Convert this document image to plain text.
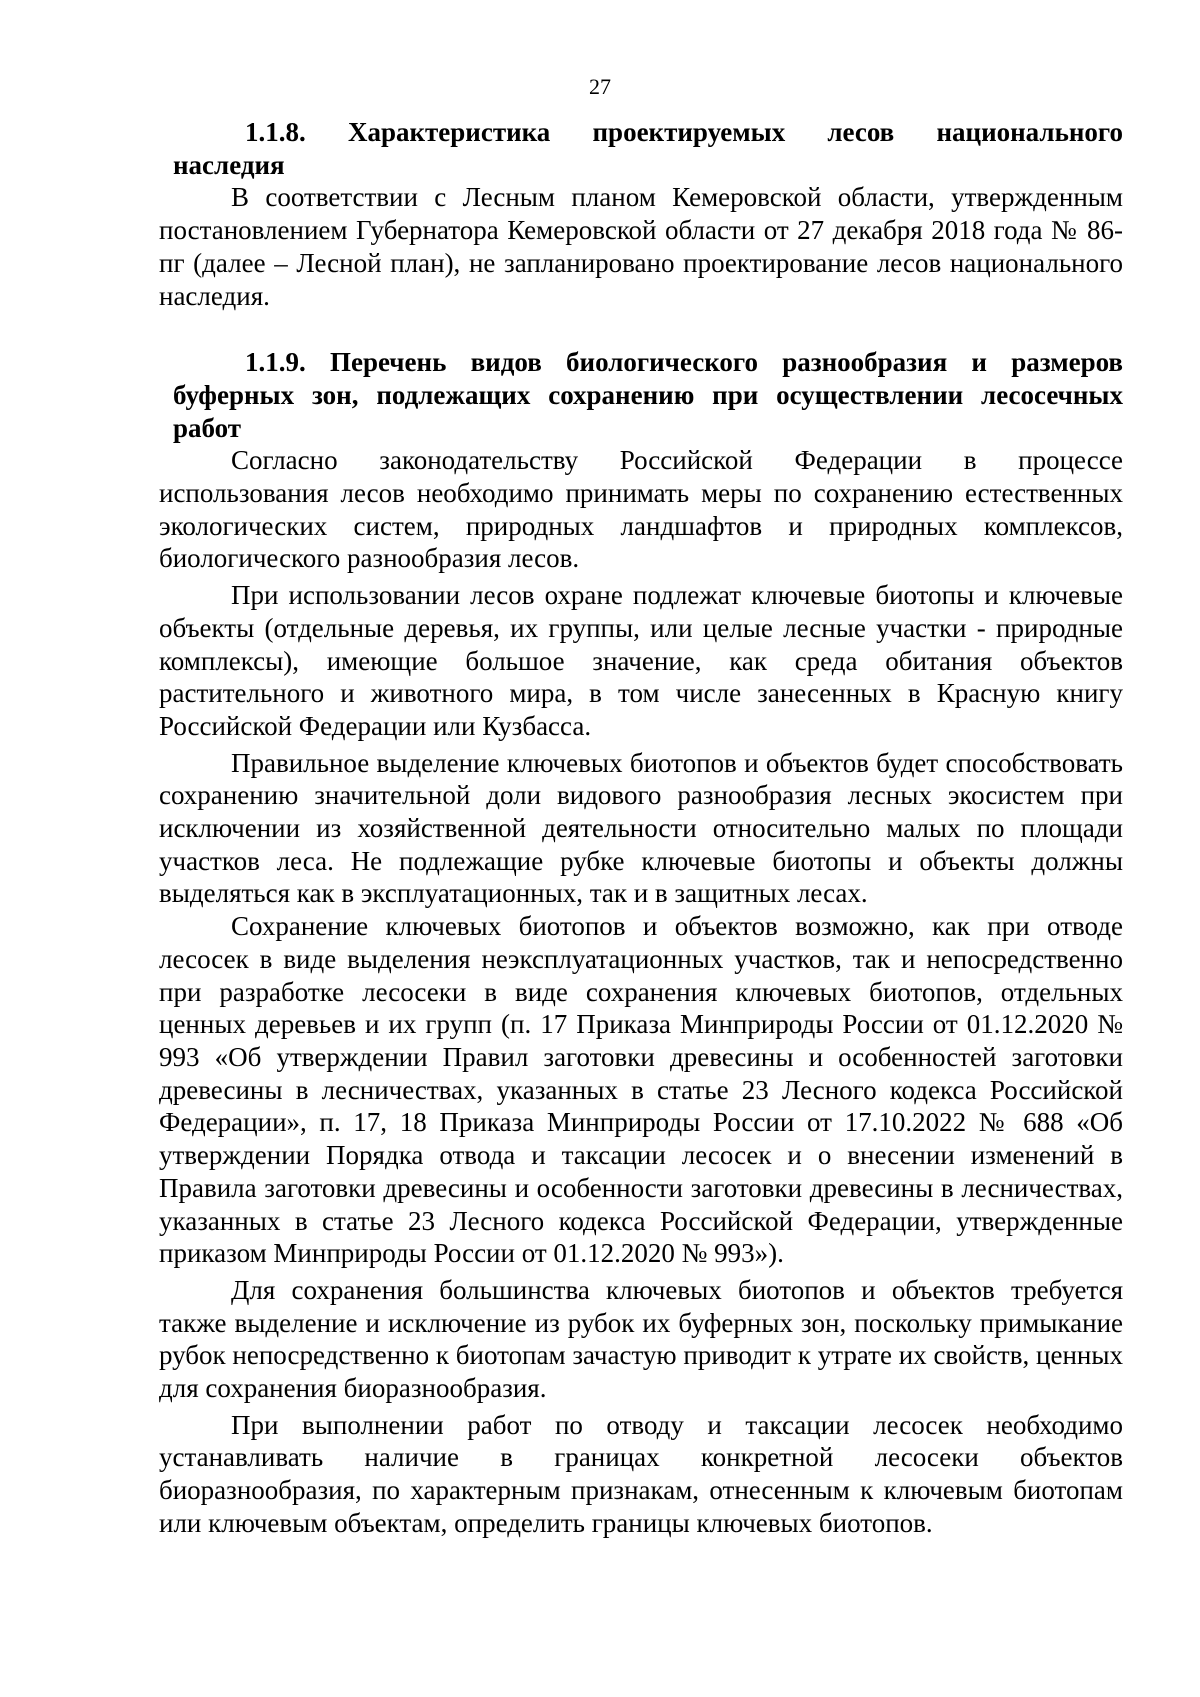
27
1.1.8. Характеристика проектируемых лесов национального
наследия

В соответствии с Лесным планом Кемеровской области, утвержденным постановлением Губернатора Кемеровской области от 27 декабря 2018 года № 86-пг (далее – Лесной план), не запланировано проектирование лесов национального наследия.

1.1.9. Перечень видов биологического разнообразия и размеров
буферных зон, подлежащих сохранению при осуществлении лесосечных
работ

Согласно законодательству Российской Федерации в процессе использования лесов необходимо принимать меры по сохранению естественных экологических систем, природных ландшафтов и природных комплексов, биологического разнообразия лесов.

При использовании лесов охране подлежат ключевые биотопы и ключевые объекты (отдельные деревья, их группы, или целые лесные участки - природные комплексы), имеющие большое значение, как среда обитания объектов растительного и животного мира, в том числе занесенных в Красную книгу Российской Федерации или Кузбасса.

Правильное выделение ключевых биотопов и объектов будет способствовать сохранению значительной доли видового разнообразия лесных экосистем при исключении из хозяйственной деятельности относительно малых по площади участков леса. Не подлежащие рубке ключевые биотопы и объекты должны выделяться как в эксплуатационных, так и в защитных лесах.

Сохранение ключевых биотопов и объектов возможно, как при отводе лесосек в виде выделения неэксплуатационных участков, так и непосредственно при разработке лесосеки в виде сохранения ключевых биотопов, отдельных ценных деревьев и их групп (п. 17 Приказа Минприроды России от 01.12.2020 № 993 «Об утверждении Правил заготовки древесины и особенностей заготовки древесины в лесничествах, указанных в статье 23 Лесного кодекса Российской Федерации», п. 17, 18 Приказа Минприроды России от 17.10.2022 № 688 «Об утверждении Порядка отвода и таксации лесосек и о внесении изменений в Правила заготовки древесины и особенности заготовки древесины в лесничествах, указанных в статье 23 Лесного кодекса Российской Федерации, утвержденные приказом Минприроды России от 01.12.2020 № 993»).

Для сохранения большинства ключевых биотопов и объектов требуется также выделение и исключение из рубок их буферных зон, поскольку примыкание рубок непосредственно к биотопам зачастую приводит к утрате их свойств, ценных для сохранения биоразнообразия.

При выполнении работ по отводу и таксации лесосек необходимо устанавливать наличие в границах конкретной лесосеки объектов биоразнообразия, по характерным признакам, отнесенным к ключевым биотопам или ключевым объектам, определить границы ключевых биотопов.
